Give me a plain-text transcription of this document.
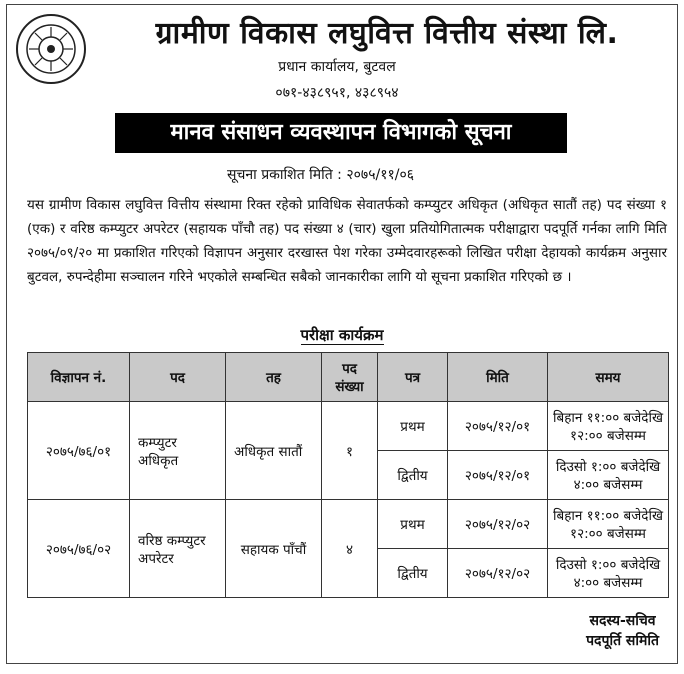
ग्रामीण विकास लघुवित्त वित्तीय संस्था लि.
प्रधान कार्यालय, बुटवल
०७१-४३८९५१, ४३८९५४
मानव संसाधन व्यवस्थापन विभागको सूचना
सूचना प्रकाशित मिति : २०७५/११/०६
यस ग्रामीण विकास लघुवित्त वित्तीय संस्थामा रिक्त रहेको प्राविधिक सेवातर्फको कम्प्युटर अधिकृत (अधिकृत सातौं तह) पद संख्या १ (एक) र वरिष्ठ कम्प्युटर अपरेटर (सहायक पाँचौ तह) पद संख्या ४ (चार) खुला प्रतियोगितात्मक परीक्षाद्वारा पदपूर्ति गर्नका लागि मिति २०७५/०९/२० मा प्रकाशित गरिएको विज्ञापन अनुसार दरखास्त पेश गरेका उम्मेदवारहरूको लिखित परीक्षा देहायको कार्यक्रम अनुसार बुटवल, रुपन्देहीमा सञ्चालन गरिने भएकोले सम्बन्धित सबैको जानकारीका लागि यो सूचना प्रकाशित गरिएको छ ।
परीक्षा कार्यक्रम
विज्ञापन नं.	पद	तह	पद संख्या	पत्र	मिति	समय
२०७५/७६/०१	कम्प्युटर अधिकृत	अधिकृत सातौं	१	प्रथम	२०७५/१२/०१	बिहान ११:०० बजेदेखि १२:०० बजेसम्म
				द्वितीय	२०७५/१२/०१	दिउसो १:०० बजेदेखि ४:०० बजेसम्म
२०७५/७६/०२	वरिष्ठ कम्प्युटर अपरेटर	सहायक पाँचौं	४	प्रथम	२०७५/१२/०२	बिहान ११:०० बजेदेखि १२:०० बजेसम्म
				द्वितीय	२०७५/१२/०२	दिउसो १:०० बजेदेखि ४:०० बजेसम्म
सदस्य-सचिव
पदपूर्ति समिति
